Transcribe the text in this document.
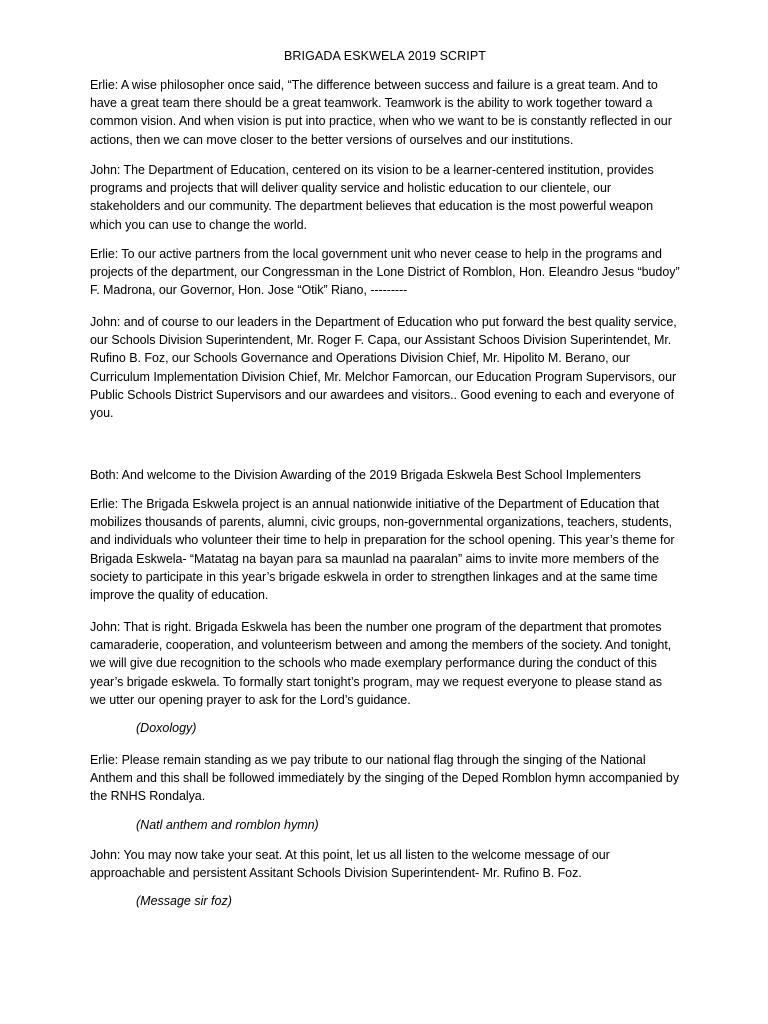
BRIGADA ESKWELA 2019 SCRIPT

Erlie: A wise philosopher once said, “The difference between success and failure is a great team. And to have a great team there should be a great teamwork. Teamwork is the ability to work together toward a common vision. And when vision is put into practice, when who we want to be is constantly reflected in our actions, then we can move closer to the better versions of ourselves and our institutions.

John: The Department of Education, centered on its vision to be a learner-centered institution, provides programs and projects that will deliver quality service and holistic education to our clientele, our stakeholders and our community. The department believes that education is the most powerful weapon which you can use to change the world.

Erlie: To our active partners from the local government unit who never cease to help in the programs and projects of the department, our Congressman in the Lone District of Romblon, Hon. Eleandro Jesus “budoy” F. Madrona, our Governor, Hon. Jose “Otik” Riano, ---------

John: and of course to our leaders in the Department of Education who put forward the best quality service, our Schools Division Superintendent, Mr. Roger F. Capa, our Assistant Schoos Division Superintendet, Mr. Rufino B. Foz, our Schools Governance and Operations Division Chief, Mr. Hipolito M. Berano, our Curriculum Implementation Division Chief, Mr. Melchor Famorcan, our Education Program Supervisors, our Public Schools District Supervisors and our awardees and visitors.. Good evening to each and everyone of you.

Both: And welcome to the Division Awarding of the 2019 Brigada Eskwela Best School Implementers

Erlie: The Brigada Eskwela project is an annual nationwide initiative of the Department of Education that mobilizes thousands of parents, alumni, civic groups, non-governmental organizations, teachers, students, and individuals who volunteer their time to help in preparation for the school opening. This year’s theme for Brigada Eskwela- “Matatag na bayan para sa maunlad na paaralan” aims to invite more members of the society to participate in this year’s brigade eskwela in order to strengthen linkages and at the same time improve the quality of education.

John: That is right. Brigada Eskwela has been the number one program of the department that promotes camaraderie, cooperation, and volunteerism between and among the members of the society. And tonight, we will give due recognition to the schools who made exemplary performance during the conduct of this year’s brigade eskwela. To formally start tonight’s program, may we request everyone to please stand as we utter our opening prayer to ask for the Lord’s guidance.

(Doxology)

Erlie: Please remain standing as we pay tribute to our national flag through the singing of the National Anthem and this shall be followed immediately by the singing of the Deped Romblon hymn accompanied by the RNHS Rondalya.

(Natl anthem and romblon hymn)

John: You may now take your seat. At this point, let us all listen to the welcome message of our approachable and persistent Assitant Schools Division Superintendent- Mr. Rufino B. Foz.

(Message sir foz)
